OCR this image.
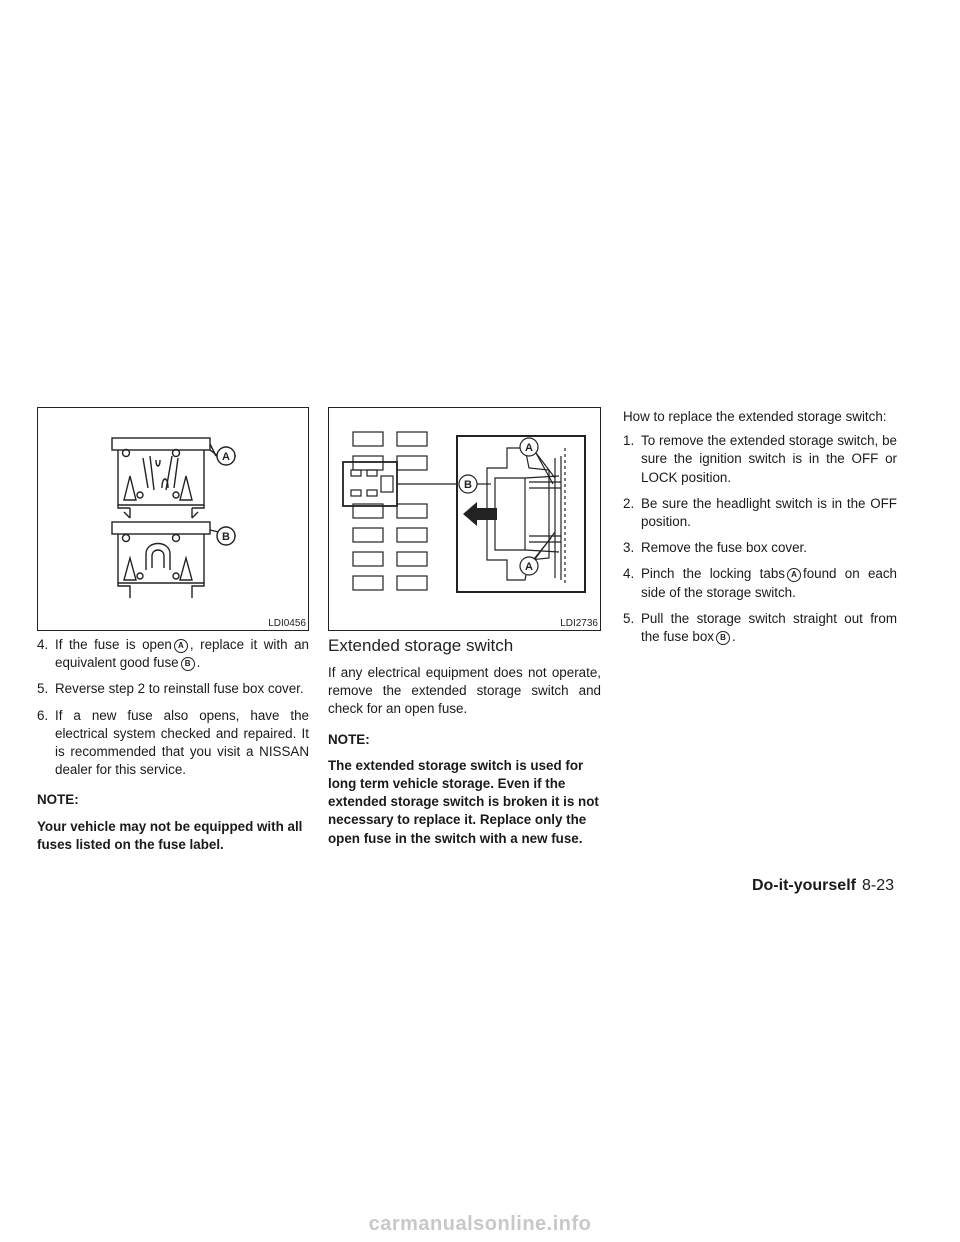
A
B
LDI0456
B
A
A
LDI2736

4. If the fuse is open A , replace it with an equivalent good fuse B .

5. Reverse step 2 to reinstall fuse box cover.

6. If a new fuse also opens, have the electrical system checked and repaired. It is recommended that you visit a NISSAN dealer for this service.

NOTE:

Your vehicle may not be equipped with all fuses listed on the fuse label.

Extended storage switch

If any electrical equipment does not operate, remove the extended storage switch and check for an open fuse.

NOTE:

The extended storage switch is used for long term vehicle storage. Even if the extended storage switch is broken it is not necessary to replace it. Replace only the open fuse in the switch with a new fuse.

How to replace the extended storage switch:

1. To remove the extended storage switch, be sure the ignition switch is in the OFF or LOCK position.

2. Be sure the headlight switch is in the OFF position.

3. Remove the fuse box cover.

4. Pinch the locking tabs A found on each side of the storage switch.

5. Pull the storage switch straight out from the fuse box B .

Do-it-yourself 8-23
carmanualsonline.info
